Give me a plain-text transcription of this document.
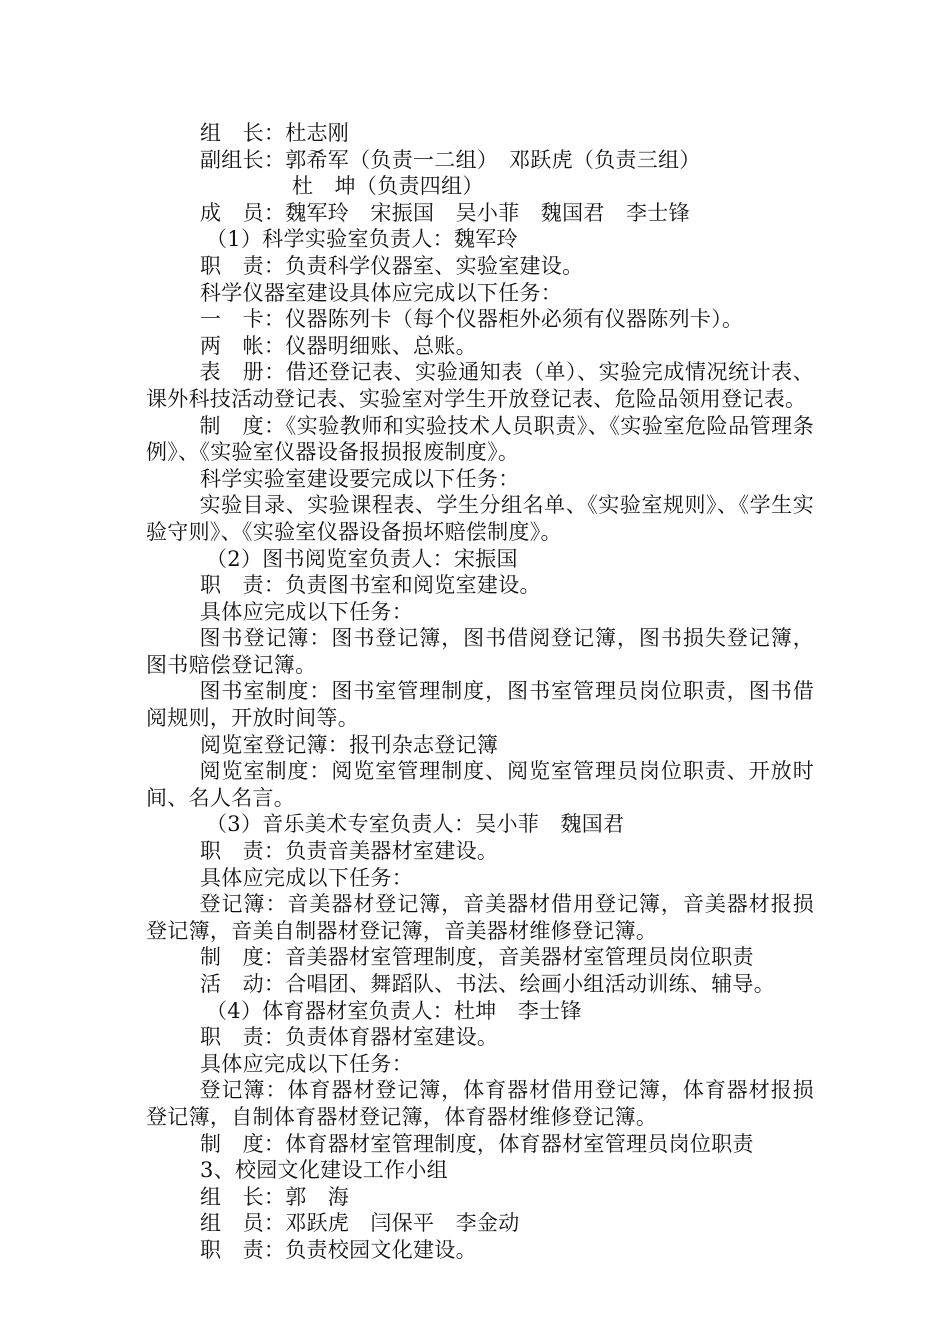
组　长：杜志刚

副组长：郭希军（负责一二组）　邓跃虎（负责三组）

杜　坤（负责四组）

成　员：魏军玲　宋振国　吴小菲　魏国君　李士锋

（1）科学实验室负责人：魏军玲

职　责：负责科学仪器室、实验室建设。

科学仪器室建设具体应完成以下任务：

一　卡：仪器陈列卡（每个仪器柜外必须有仪器陈列卡）。

两　帐：仪器明细账、总账。

表　册：借还登记表、实验通知表（单）、实验完成情况统计表、课外科技活动登记表、实验室对学生开放登记表、危险品领用登记表。

制　度：《实验教师和实验技术人员职责》、《实验室危险品管理条例》、《实验室仪器设备报损报废制度》。

科学实验室建设要完成以下任务：

实验目录、实验课程表、学生分组名单、《实验室规则》、《学生实验守则》、《实验室仪器设备损坏赔偿制度》。

（2）图书阅览室负责人：宋振国

职　责：负责图书室和阅览室建设。

具体应完成以下任务：

图书登记簿：图书登记簿，图书借阅登记簿，图书损失登记簿，图书赔偿登记簿。

图书室制度：图书室管理制度，图书室管理员岗位职责，图书借阅规则，开放时间等。

阅览室登记簿：报刊杂志登记簿

阅览室制度：阅览室管理制度、阅览室管理员岗位职责、开放时间、名人名言。

（3）音乐美术专室负责人：吴小菲　魏国君

职　责：负责音美器材室建设。

具体应完成以下任务：

登记簿：音美器材登记簿，音美器材借用登记簿，音美器材报损登记簿，音美自制器材登记簿，音美器材维修登记簿。

制　度：音美器材室管理制度，音美器材室管理员岗位职责

活　动：合唱团、舞蹈队、书法、绘画小组活动训练、辅导。

（4）体育器材室负责人：杜坤　李士锋

职　责：负责体育器材室建设。

具体应完成以下任务：

登记簿：体育器材登记簿，体育器材借用登记簿，体育器材报损登记簿，自制体育器材登记簿，体育器材维修登记簿。

制　度：体育器材室管理制度，体育器材室管理员岗位职责

3、校园文化建设工作小组

组　长：郭　海

组　员：邓跃虎　闫保平　李金动

职　责：负责校园文化建设。
